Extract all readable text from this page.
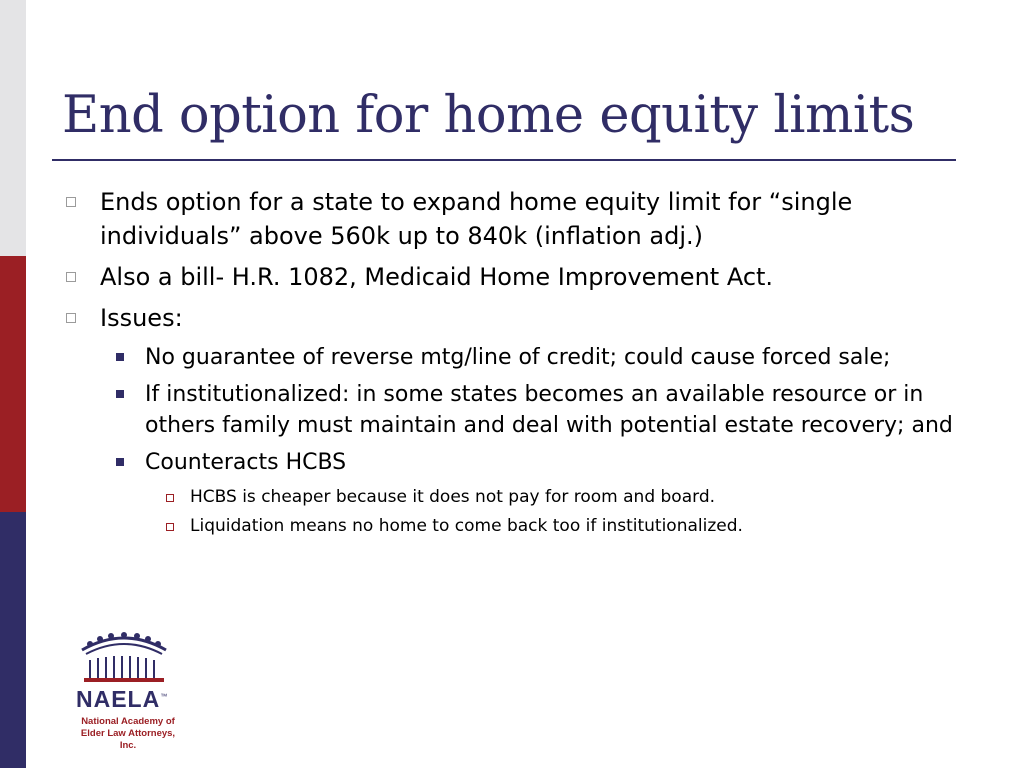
End option for home equity limits
Ends option for a state to expand home equity limit for “single individuals” above 560k up to 840k (inflation adj.)
Also a bill- H.R. 1082, Medicaid Home Improvement Act.
Issues:
No guarantee of reverse mtg/line of credit; could cause forced sale;
If institutionalized: in some states becomes an available resource or in others family must maintain and deal with potential estate recovery; and
Counteracts HCBS
HCBS is cheaper because it does not pay for room and board.
Liquidation means no home to come back too if institutionalized.
NAELA™
National Academy of
Elder Law Attorneys, Inc.
